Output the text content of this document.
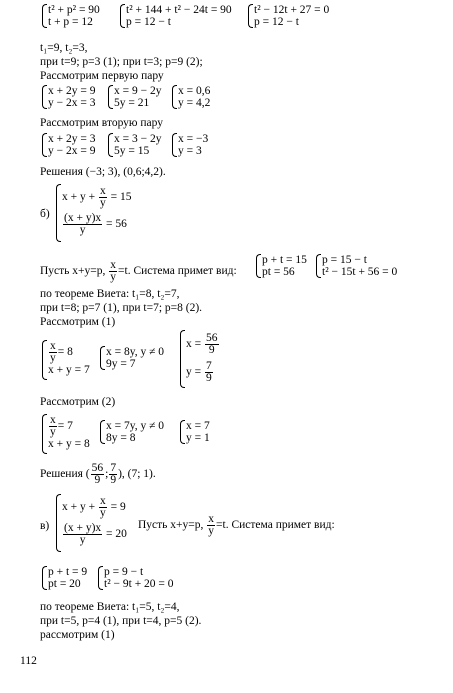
t² + p² = 90
t + p = 12
t² + 144 + t² − 24t = 90
p = 12 − t
t² − 12t + 27 = 0
p = 12 − t
t₁=9, t₂=3,
при t=9; p=3 (1); при t=3; p=9 (2);
Рассмотрим первую пару
x + 2y = 9
y − 2x = 3
x = 9 − 2y
5y = 21
x = 0,6
y = 4,2
Рассмотрим вторую пару
x + 2y = 3
y − 2x = 9
x = 3 − 2y
5y = 15
x = −3
y = 3
Решения (−3; 3), (0,6;4,2).
б)
$x + y + \frac{x}{y} = 15$
$\frac{(x + y)x}{y} = 56$
Пусть x+y=p, $\frac{x}{y} =t$. Система примет вид:
p + t = 15
pt = 56
p = 15 − t
t² − 15t + 56 = 0
по теореме Виета: t₁=8, t₂=7,
при t=8; p=7 (1), при t=7; p=8 (2).
Рассмотрим (1)
$\frac{x}{y} = 8$
x + y = 7
x = 8y, y ≠ 0
9y = 7
$x = \frac{56}{9}$
$y = \frac{7}{9}$
Рассмотрим (2)
$\frac{x}{y} = 7$
x + y = 8
x = 7y, y ≠ 0
8y = 8
x = 7
y = 1
Решения ( $\frac{56}{9}$ ; $\frac{7}{9}$ ), (7; 1).
в)
$x + y + \frac{x}{y} = 9$
$\frac{(x + y)x}{y} = 20$
Пусть x+y=p, $\frac{x}{y} =t$. Система примет вид:
p + t = 9
pt = 20
p = 9 − t
t² − 9t + 20 = 0
по теореме Виета: t₁=5, t₂=4,
при t=5, p=4 (1), при t=4, p=5 (2).
рассмотрим (1)
112
